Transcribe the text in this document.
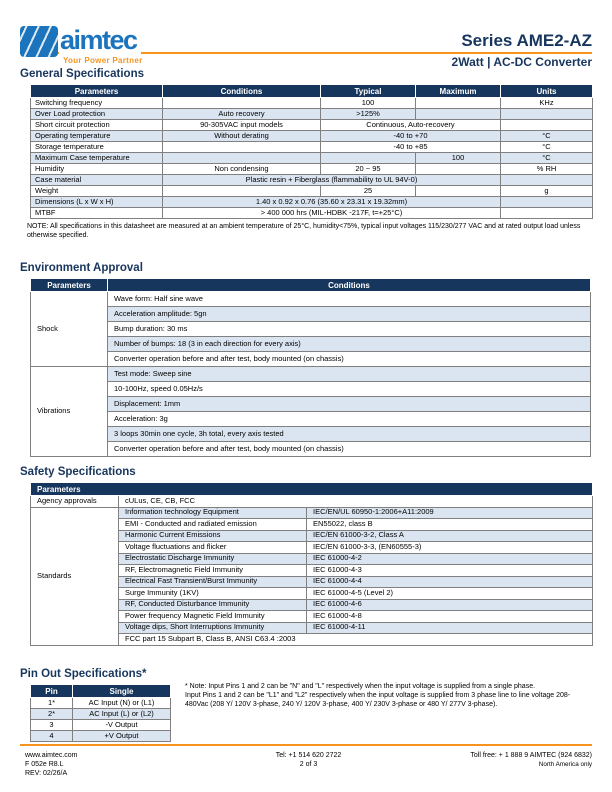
aimtec
Your Power Partner
Series AME2-AZ
2Watt | AC-DC Converter
General Specifications
Parameters	Conditions	Typical	Maximum	Units
Switching frequency		100		KHz
Over Load protection	Auto recovery	>125%		
Short circuit protection	90-305VAC input models	Continuous, Auto-recovery		
Operating temperature	Without derating	-40 to +70		°C
Storage temperature		-40 to +85		°C
Maximum Case temperature			100	°C
Humidity	Non condensing	20 ~ 95		% RH
Case material	Plastic resin + Fiberglass (flammability to UL 94V-0)			
Weight		25		g
Dimensions (L x W x H)	1.40 x 0.92 x 0.76 (35.60 x 23.31 x 19.32mm)			
MTBF	> 400 000 hrs (MIL-HDBK -217F, t=+25°C)			
NOTE: All specifications in this datasheet are measured at an ambient temperature of 25°C, humidity<75%, typical input voltages 115/230/277 VAC and at rated output load unless otherwise specified.
Environment Approval
Parameters	Conditions
Shock	Wave form: Half sine wave
	Acceleration amplitude: 5gn
	Bump duration: 30 ms
	Number of bumps: 18 (3 in each direction for every axis)
	Converter operation before and after test, body mounted (on chassis)
Vibrations	Test mode: Sweep sine
	10-100Hz, speed 0.05Hz/s
	Displacement: 1mm
	Acceleration: 3g
	3 loops 30min one cycle, 3h total, every axis tested
	Converter operation before and after test, body mounted (on chassis)
Safety Specifications
Parameters		
Agency approvals	cULus, CE, CB, FCC	
Standards	Information technology Equipment	IEC/EN/UL 60950-1:2006+A11:2009
	EMI - Conducted and radiated emission	EN55022, class B
	Harmonic Current Emissions	IEC/EN 61000-3-2, Class A
	Voltage fluctuations and flicker	IEC/EN 61000-3-3, (EN60555-3)
	Electrostatic Discharge Immunity	IEC 61000-4-2
	RF, Electromagnetic Field Immunity	IEC 61000-4-3
	Electrical Fast Transient/Burst Immunity	IEC 61000-4-4
	Surge Immunity (1KV)	IEC 61000-4-5 (Level 2)
	RF, Conducted Disturbance Immunity	IEC 61000-4-6
	Power frequency Magnetic Field Immunity	IEC 61000-4-8
	Voltage dips, Short Interruptions Immunity	IEC 61000-4-11
	FCC part 15 Subpart B, Class B, ANSI C63.4 :2003	
Pin Out Specifications*
Pin	Single
1*	AC Input (N) or (L1)
2*	AC Input (L) or (L2)
3	-V Output
4	+V Output
* Note: Input Pins 1 and 2 can be "N" and "L" respectively when the input voltage is supplied from a single phase.
Input Pins 1 and 2 can be "L1" and "L2" respectively when the input voltage is supplied from 3 phase line to line voltage 208-480Vac (208 Y/ 120V 3-phase, 240 Y/ 120V 3-phase, 400 Y/ 230V 3-phase or 480 Y/ 277V 3-phase).
www.aimtec.com
F 052e R8.L
REV: 02/26/A
Tel: +1 514 620 2722
2 of 3
Toll free: + 1 888 9 AIMTEC (924 6832)
North America only
